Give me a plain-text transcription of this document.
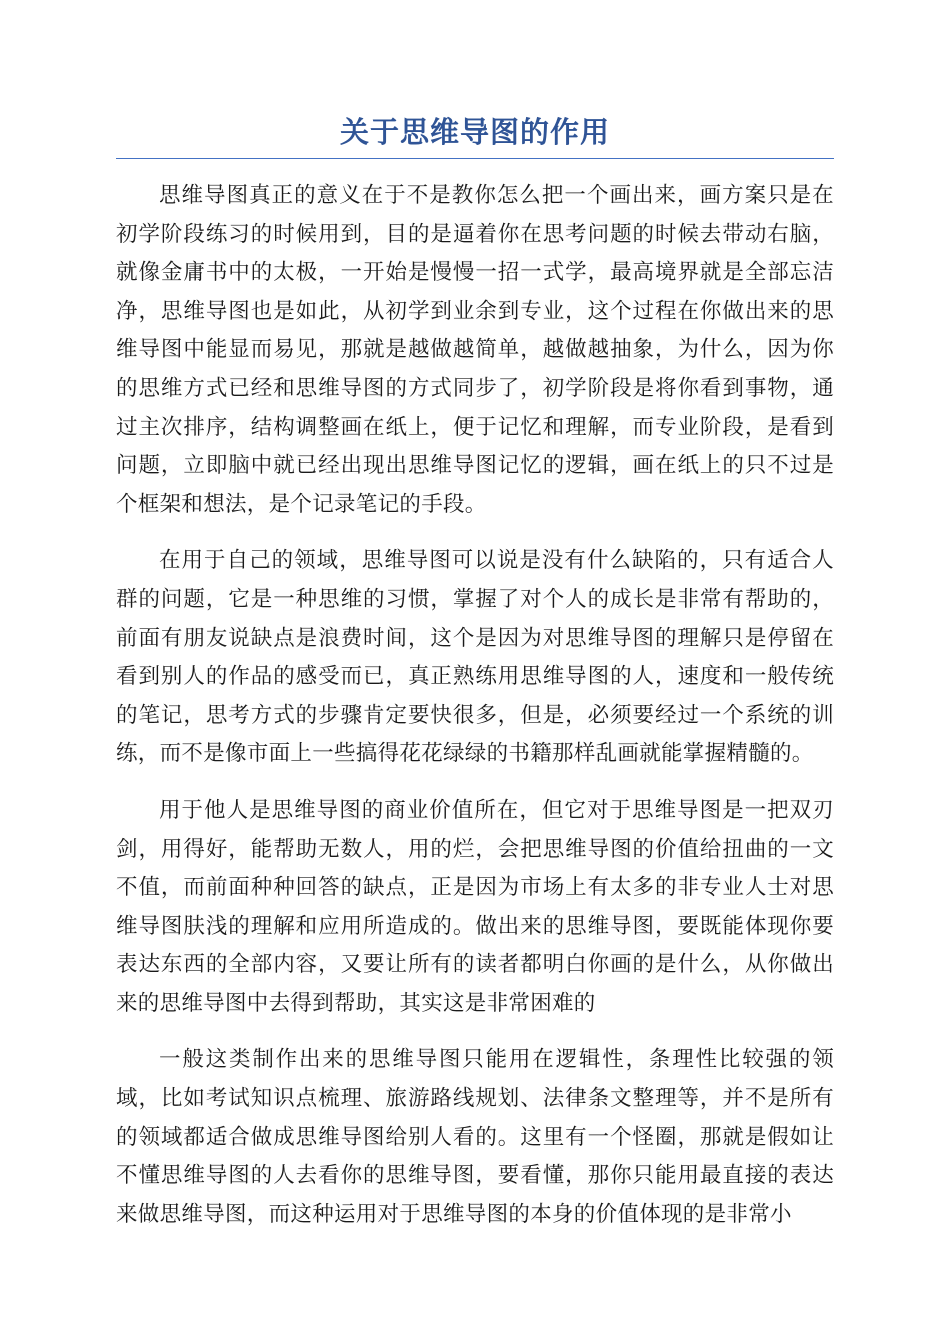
关于思维导图的作用

思维导图真正的意义在于不是教你怎么把一个画出来，画方案只是在初学阶段练习的时候用到，目的是逼着你在思考问题的时候去带动右脑，就像金庸书中的太极，一开始是慢慢一招一式学，最高境界就是全部忘洁净，思维导图也是如此，从初学到业余到专业，这个过程在你做出来的思维导图中能显而易见，那就是越做越简单，越做越抽象，为什么，因为你的思维方式已经和思维导图的方式同步了，初学阶段是将你看到事物，通过主次排序，结构调整画在纸上，便于记忆和理解，而专业阶段，是看到问题，立即脑中就已经出现出思维导图记忆的逻辑，画在纸上的只不过是个框架和想法，是个记录笔记的手段。

在用于自己的领域，思维导图可以说是没有什么缺陷的，只有适合人群的问题，它是一种思维的习惯，掌握了对个人的成长是非常有帮助的，前面有朋友说缺点是浪费时间，这个是因为对思维导图的理解只是停留在看到别人的作品的感受而已，真正熟练用思维导图的人，速度和一般传统的笔记，思考方式的步骤肯定要快很多，但是，必须要经过一个系统的训练，而不是像市面上一些搞得花花绿绿的书籍那样乱画就能掌握精髓的。

用于他人是思维导图的商业价值所在，但它对于思维导图是一把双刃剑，用得好，能帮助无数人，用的烂，会把思维导图的价值给扭曲的一文不值，而前面种种回答的缺点，正是因为市场上有太多的非专业人士对思维导图肤浅的理解和应用所造成的。做出来的思维导图，要既能体现你要表达东西的全部内容，又要让所有的读者都明白你画的是什么，从你做出来的思维导图中去得到帮助，其实这是非常困难的

一般这类制作出来的思维导图只能用在逻辑性，条理性比较强的领域，比如考试知识点梳理、旅游路线规划、法律条文整理等，并不是所有的领域都适合做成思维导图给别人看的。这里有一个怪圈，那就是假如让不懂思维导图的人去看你的思维导图，要看懂，那你只能用最直接的表达来做思维导图，而这种运用对于思维导图的本身的价值体现的是非常小
